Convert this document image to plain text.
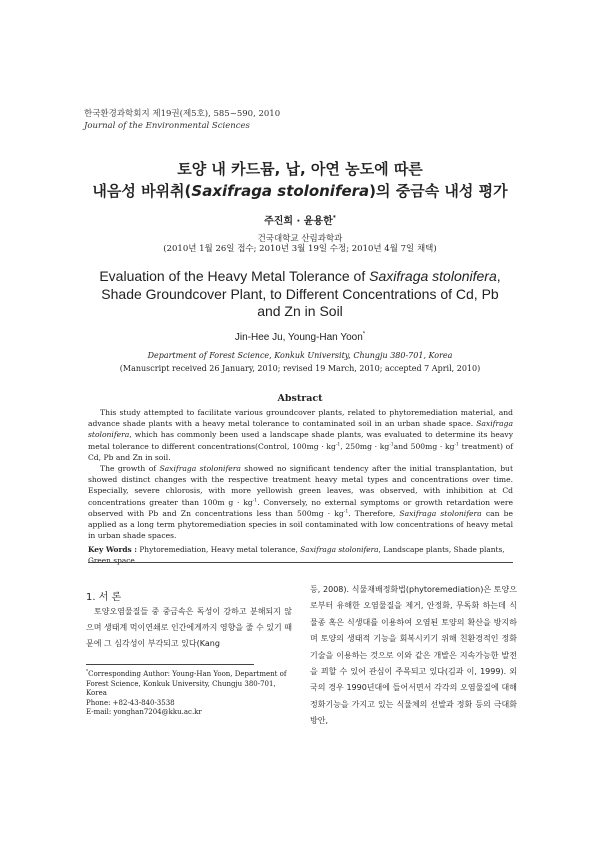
한국환경과학회지 제19권(제5호), 585~590, 2010
Journal of the Environmental Sciences
토양 내 카드뮴, 납, 아연 농도에 따른
내음성 바위취(Saxifraga stolonifera)의 중금속 내성 평가
주진희 · 윤용한*
건국대학교 산림과학과
(2010년 1월 26일 접수; 2010년 3월 19일 수정; 2010년 4월 7일 채택)
Evaluation of the Heavy Metal Tolerance of Saxifraga stolonifera,
Shade Groundcover Plant, to Different Concentrations of Cd, Pb
and Zn in Soil
Jin-Hee Ju, Young-Han Yoon*
Department of Forest Science, Konkuk University, Chungju 380-701, Korea
(Manuscript received 26 January, 2010; revised 19 March, 2010; accepted 7 April, 2010)
Abstract

This study attempted to facilitate various groundcover plants, related to phytoremediation material, and advance shade plants with a heavy metal tolerance to contaminated soil in an urban shade space. Saxifraga stolonifera, which has commonly been used a landscape shade plants, was evaluated to determine its heavy metal tolerance to different concentrations(Control, $100mg \cdot kg^{-1}$, $250mg \cdot kg^{-1}and$ $500mg \cdot kg^{-1}$ treatment) of Cd, Pb and Zn in soil.

The growth of Saxifraga stolonifera showed no significant tendency after the initial transplantation, but showed distinct changes with the respective treatment heavy metal types and concentrations over time. Especially, severe chlorosis, with more yellowish green leaves, was observed, with inhibition at Cd concentrations greater than 100m $g \cdot kg^{-1}$. Conversely, no external symptoms or growth retardation were observed with Pb and Zn concentrations less than $500mg \cdot kg^{-1}$. Therefore, Saxifraga stolonifera can be applied as a long term phytoremediation species in soil contaminated with low concentrations of heavy metal in urban shade spaces.

Key Words : Phytoremediation, Heavy metal tolerance, Saxifraga stolonifera, Landscape plants, Shade plants, Green space
1. 서 론

토양오염물질들 중 중금속은 독성이 강하고 분해되지 않으며 생태계 먹이연쇄로 인간에게까지 영향을 줄 수 있기 때문에 그 심각성이 부각되고 있다(Kang

*Corresponding Author: Young-Han Yoon, Department of
Forest Science, Konkuk University, Chungju 380-701, Korea
Phone: +82-43-840-3538
E-mail: yonghan7204@kku.ac.kr

등, 2008). 식물재배정화법(phytoremediation)은 토양으로부터 유해한 오염물질을 제거, 안정화, 무독화 하는데 식물종 혹은 식생대를 이용하여 오염된 토양의 확산을 방지하며 토양의 생태적 기능을 회복시키기 위해 친환경적인 정화기술을 이용하는 것으로 이와 같은 개발은 지속가능한 발전을 꾀할 수 있어 관심이 주목되고 있다(김과 이, 1999). 외국의 경우 1990년대에 들어서면서 각각의 오염물질에 대해 정화기능을 가지고 있는 식물체의 선발과 정화 등의 극대화 방안,
